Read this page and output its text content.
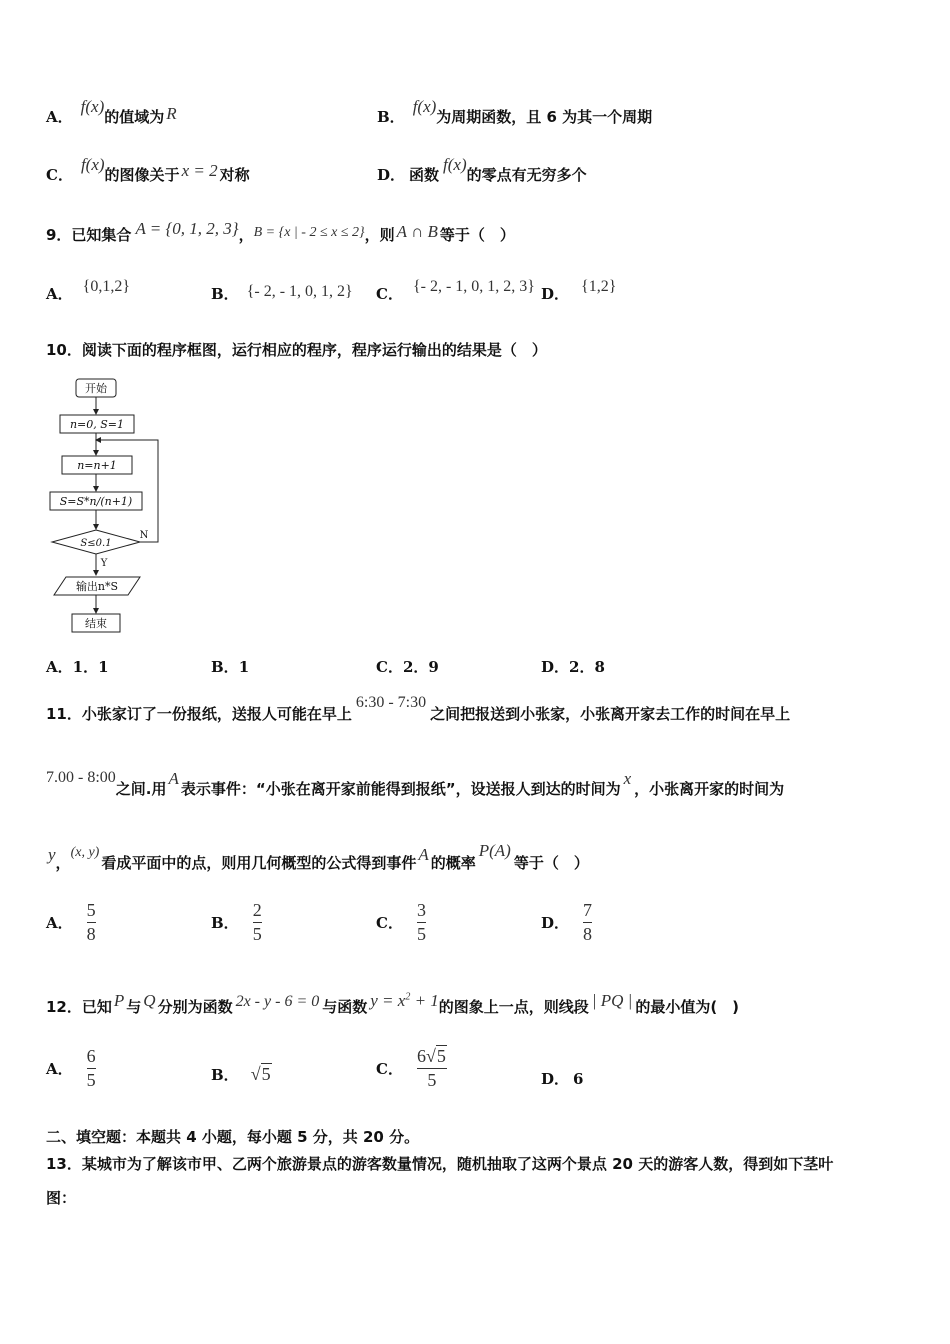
A．f(x)的值域为 R	B．f(x)为周期函数，且 6 为其一个周期
C．f(x)的图像关于 x = 2 对称	D． 函数f(x)的零点有无穷多个
9．已知集合 A = {0, 1, 2, 3}，B = {x | - 2 ≤ x ≤ 2}，则 A ∩ B 等于（　）
A． {0,1,2}	B． {- 2, - 1, 0, 1, 2} C． {- 2, - 1, 0, 1, 2, 3} D． {1,2}
10．阅读下面的程序框图，运行相应的程序，程序运行输出的结果是（　）
开始
n=0, S=1
n=n+1
S=S*n/(n+1)
S≤0.1
N
Y
输出n*S
结束
A．1．1	B．1	C．2．9	D．2．8
11．小张家订了一份报纸，送报人可能在早上6:30 - 7:30之间把报送到小张家，小张离开家去工作的时间在早上
7.00 - 8:00之间.用A表示事件：“小张在离开家前能得到报纸”，设送报人到达的时间为x，小张离开家的时间为
y，(x, y)看成平面中的点，则用几何概型的公式得到事件 A 的概率P(A)等于（　）
A． $\frac{5}{8}$	B． $\frac{2}{5}$	C． $\frac{3}{5}$	D． $\frac{7}{8}$
12．已知 P 与 Q 分别为函数 2x - y - 6 = 0 与函数 $y = x^2 + 1$的图象上一点，则线段 | PQ | 的最小值为(　)
A． $\frac{6}{5}$	B． √5	C． $\frac{6√5}{5}$	D． 6
二、填空题：本题共 4 小题，每小题 5 分，共 20 分。
13．某城市为了解该市甲、乙两个旅游景点的游客数量情况，随机抽取了这两个景点 20 天的游客人数，得到如下茎叶
图：
